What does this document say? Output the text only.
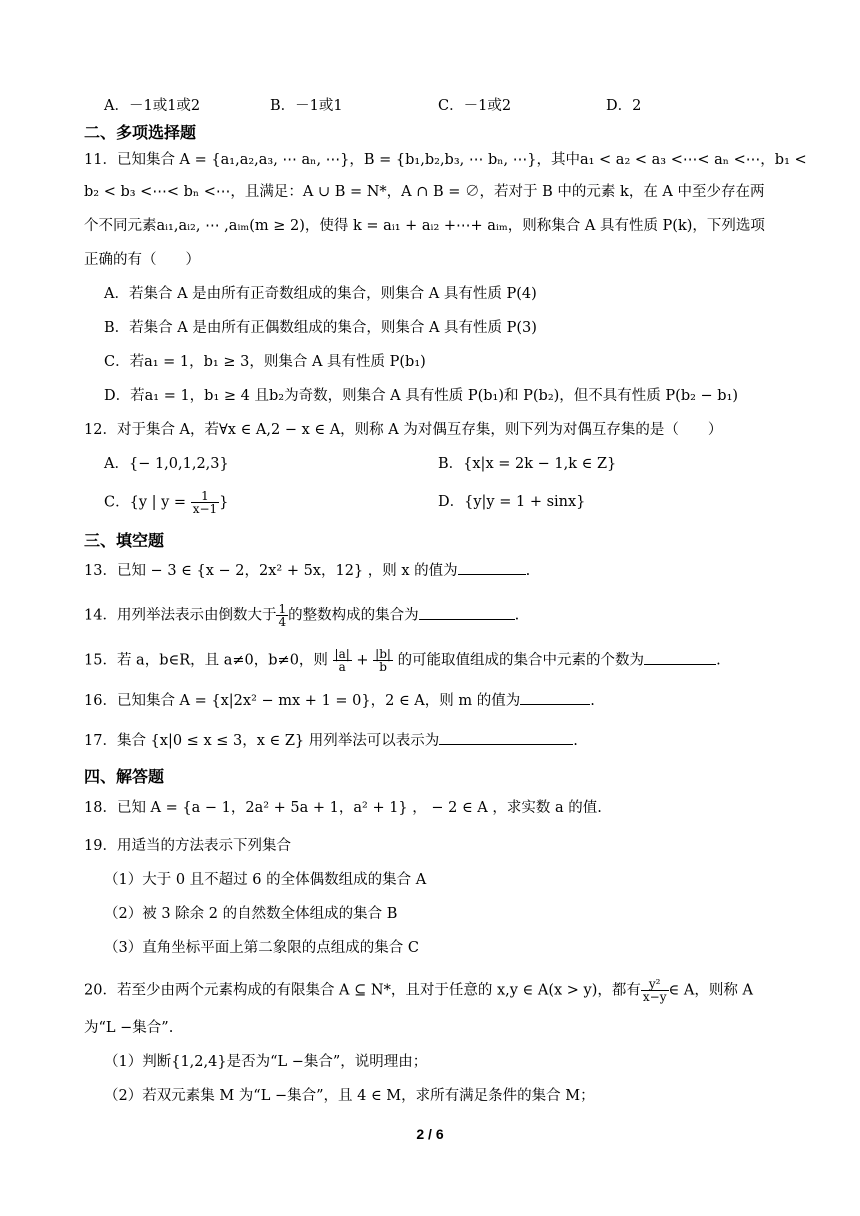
A．－1或1或2	B．－1或1	C．－1或2	D．2
二、多项选择题
11．已知集合 A = {a₁,a₂,a₃, ⋯ aₙ, ⋯}，B = {b₁,b₂,b₃, ⋯ bₙ, ⋯}，其中a₁ < a₂ < a₃ <⋯< aₙ <⋯，b₁ <
b₂ < b₃ <⋯< bₙ <⋯，且满足：A ∪ B = N*，A ∩ B = ∅，若对于 B 中的元素 k，在 A 中至少存在两
个不同元素aᵢ₁,aᵢ₂, ⋯ ,aᵢₘ(m ≥ 2)，使得 k = aᵢ₁ + aᵢ₂ +⋯+ aᵢₘ，则称集合 A 具有性质 P(k)，下列选项
正确的有（　　）
A．若集合 A 是由所有正奇数组成的集合，则集合 A 具有性质 P(4)
B．若集合 A 是由所有正偶数组成的集合，则集合 A 具有性质 P(3)
C．若a₁ = 1，b₁ ≥ 3，则集合 A 具有性质 P(b₁)
D．若a₁ = 1，b₁ ≥ 4 且b₂为奇数，则集合 A 具有性质 P(b₁)和 P(b₂)，但不具有性质 P(b₂ − b₁)
12．对于集合 A，若∀x ∈ A,2 − x ∈ A，则称 A 为对偶互存集，则下列为对偶互存集的是（　　）
A．{− 1,0,1,2,3}	B．{x|x = 2k − 1,k ∈ Z}
C．{y | $y = \frac{1}{x-1}$ }	D．{y|y = 1 + sinx}
三、填空题
13．已知 − 3 ∈ {x − 2，2x² + 5x，12} ，则 x 的值为	.
14．用列举法表示由倒数大于 $\frac{1}{4}$ 的整数构成的集合为	.
15．若 a，b∈R，且 a≠0，b≠0，则 $\frac{|a|}{a} + \frac{|b|}{b}$ 的可能取值组成的集合中元素的个数为	.
16．已知集合 A = {x|2x² − mx + 1 = 0}，2 ∈ A，则 m 的值为	.
17．集合 {x|0 ≤ x ≤ 3，x ∈ Z} 用列举法可以表示为	.
四、解答题
18．已知 A = {a − 1，2a² + 5a + 1，a² + 1} ， − 2 ∈ A ，求实数 a 的值.
19．用适当的方法表示下列集合
（1）大于 0 且不超过 6 的全体偶数组成的集合 A
（2）被 3 除余 2 的自然数全体组成的集合 B
（3）直角坐标平面上第二象限的点组成的集合 C
20．若至少由两个元素构成的有限集合 A ⊆ N*，且对于任意的 x,y ∈ A(x > y)，都有 $\frac{\text{y²}}{x-y}$ ∈ A，则称 A
为“L −集合”.
（1）判断{1,2,4}是否为“L −集合”，说明理由；
（2）若双元素集 M 为“L −集合”，且 4 ∈ M，求所有满足条件的集合 M；
2 / 6
